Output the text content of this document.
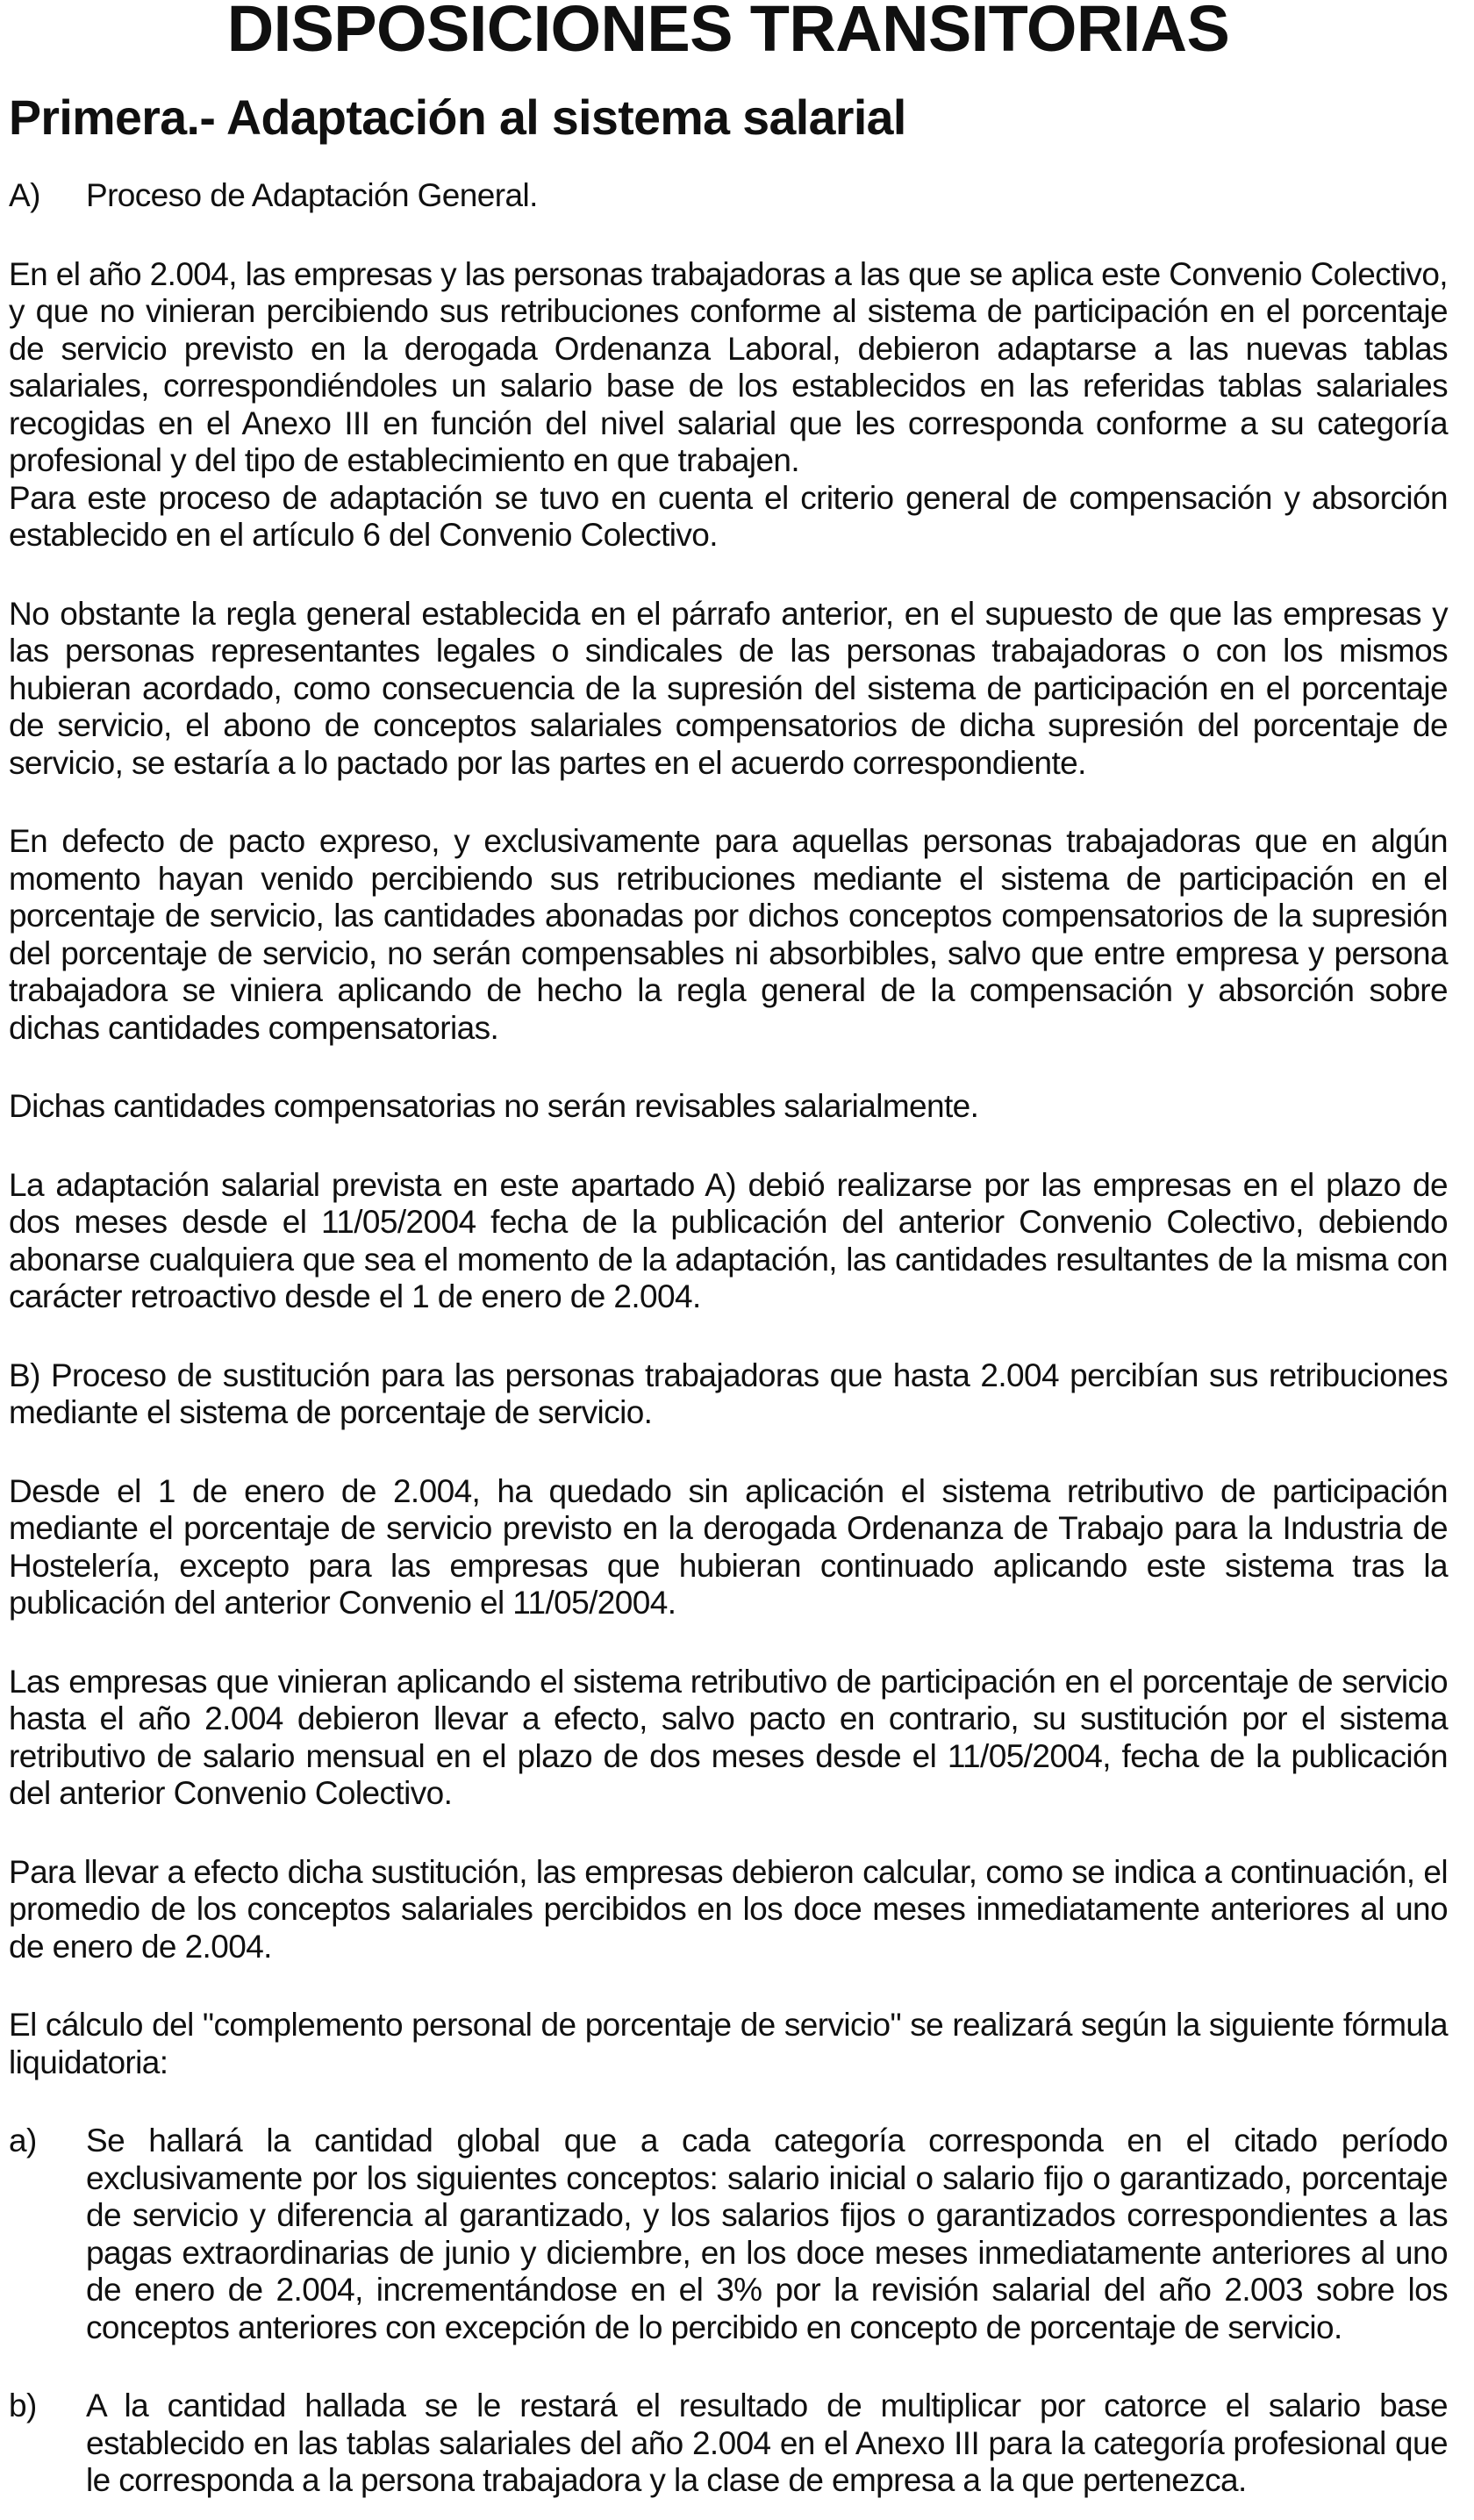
DISPOSICIONES TRANSITORIAS
Primera.- Adaptación al sistema salarial
A)	Proceso de Adaptación General.

En el año 2.004, las empresas y las personas trabajadoras a las que se aplica este Convenio Colectivo, y que no vinieran percibiendo sus retribuciones conforme al sistema de participación en el porcentaje de servicio previsto en la derogada Ordenanza Laboral, debieron adaptarse a las nuevas tablas salariales, correspondiéndoles un salario base de los establecidos en las referidas tablas salariales recogidas en el Anexo III en función del nivel salarial que les corresponda conforme a su categoría profesional y del tipo de establecimiento en que trabajen.

Para este proceso de adaptación se tuvo en cuenta el criterio general de compensación y absorción establecido en el artículo 6 del Convenio Colectivo.

No obstante la regla general establecida en el párrafo anterior, en el supuesto de que las empresas y las personas representantes legales o sindicales de las personas trabajadoras o con los mismos hubieran acordado, como consecuencia de la supresión del sistema de participación en el porcentaje de servicio, el abono de conceptos salariales compensatorios de dicha supresión del porcentaje de servicio, se estaría a lo pactado por las partes en el acuerdo correspondiente.

En defecto de pacto expreso, y exclusivamente para aquellas personas trabajadoras que en algún momento hayan venido percibiendo sus retribuciones mediante el sistema de participación en el porcentaje de servicio, las cantidades abonadas por dichos conceptos compensatorios de la supresión del porcentaje de servicio, no serán compensables ni absorbibles, salvo que entre empresa y persona trabajadora se viniera aplicando de hecho la regla general de la compensación y absorción sobre dichas cantidades compensatorias.

Dichas cantidades compensatorias no serán revisables salarialmente.

La adaptación salarial prevista en este apartado A) debió realizarse por las empresas en el plazo de dos meses desde el 11/05/2004 fecha de la publicación del anterior Convenio Colectivo, debiendo abonarse cualquiera que sea el momento de la adaptación, las cantidades resultantes de la misma con carácter retroactivo desde el 1 de enero de 2.004.

B) Proceso de sustitución para las personas trabajadoras que hasta 2.004 percibían sus retribuciones mediante el sistema de porcentaje de servicio.

Desde el 1 de enero de 2.004, ha quedado sin aplicación el sistema retributivo de participación mediante el porcentaje de servicio previsto en la derogada Ordenanza de Trabajo para la Industria de Hostelería, excepto para las empresas que hubieran continuado aplicando este sistema tras la publicación del anterior Convenio el 11/05/2004.

Las empresas que vinieran aplicando el sistema retributivo de participación en el porcentaje de servicio hasta el año 2.004 debieron llevar a efecto, salvo pacto en contrario, su sustitución por el sistema retributivo de salario mensual en el plazo de dos meses desde el 11/05/2004, fecha de la publicación del anterior Convenio Colectivo.

Para llevar a efecto dicha sustitución, las empresas debieron calcular, como se indica a continuación, el promedio de los conceptos salariales percibidos en los doce meses inmediatamente anteriores al uno de enero de 2.004.

El cálculo del "complemento personal de porcentaje de servicio" se realizará según la siguiente fórmula liquidatoria:

a)	Se hallará la cantidad global que a cada categoría corresponda en el citado período exclusivamente por los siguientes conceptos: salario inicial o salario fijo o garantizado, porcentaje de servicio y diferencia al garantizado, y los salarios fijos o garantizados correspondientes a las pagas extraordinarias de junio y diciembre, en los doce meses inmediatamente anteriores al uno de enero de 2.004, incrementándose en el 3% por la revisión salarial del año 2.003 sobre los conceptos anteriores con excepción de lo percibido en concepto de porcentaje de servicio.

b)	A la cantidad hallada se le restará el resultado de multiplicar por catorce el salario base establecido en las tablas salariales del año 2.004 en el Anexo III para la categoría profesional que le corresponda a la persona trabajadora y la clase de empresa a la que pertenezca.
